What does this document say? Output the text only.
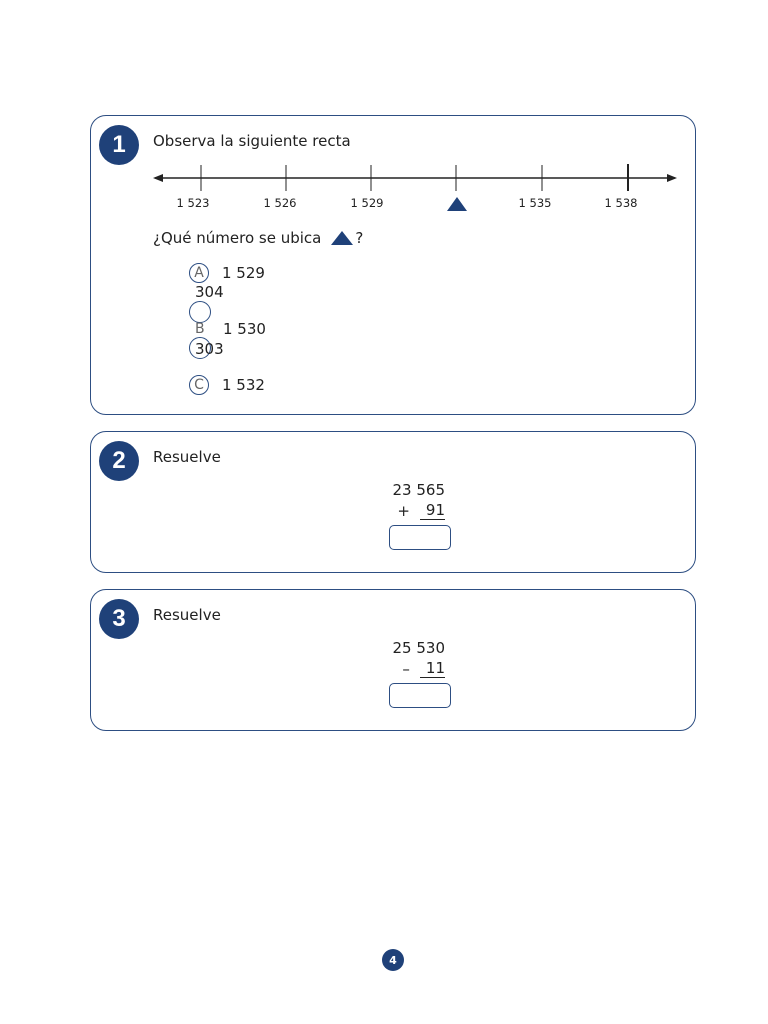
1	Observa la siguiente recta
1 523	1 526	1 529	1 535	1 538
¿Qué número se ubica ?
A	1 529
304
B 1 530
303
C	1 532
2	Resuelve
23 565
+	91
3	Resuelve
25 530
–	11
4
